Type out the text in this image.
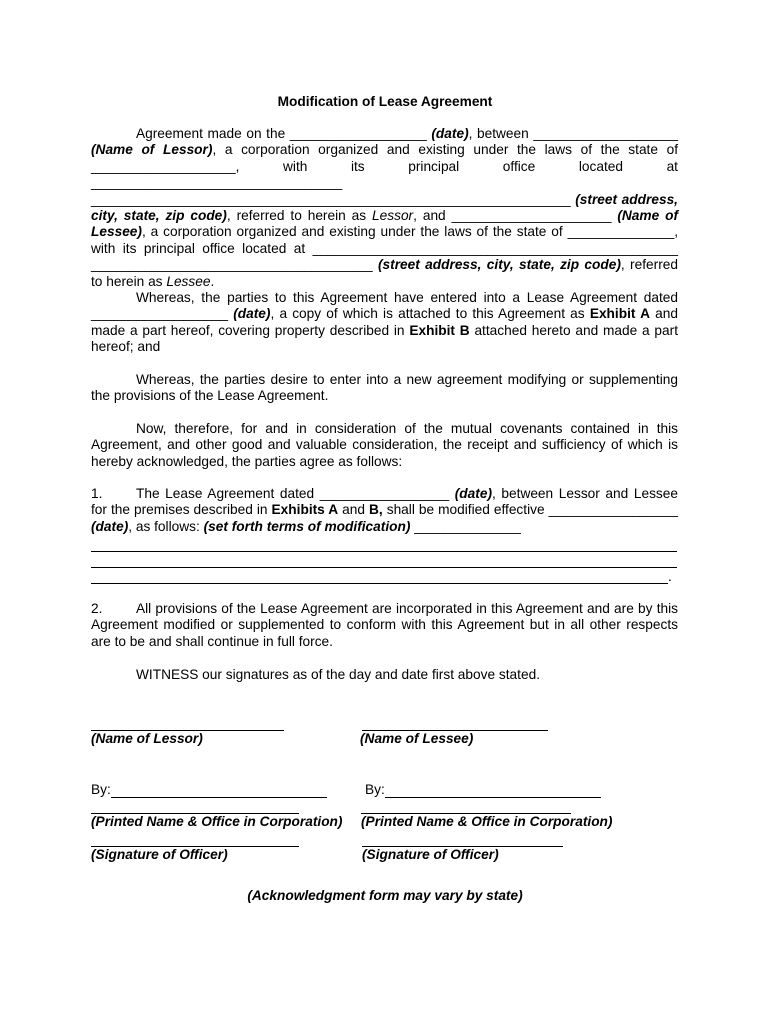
Modification of Lease Agreement
Agreement made on the __________________ (date), between ___________________ (Name of Lessor), a corporation organized and existing under the laws of the state of ___________________, with its principal office located at _________________________________ _______________________________________________________________ (street address, city, state, zip code), referred to herein as Lessor, and _____________________ (Name of Lessee), a corporation organized and existing under the laws of the state of ______________, with its principal office located at ________________________________________________ _____________________________________ (street address, city, state, zip code), referred to herein as Lessee.
Whereas, the parties to this Agreement have entered into a Lease Agreement dated __________________ (date), a copy of which is attached to this Agreement as Exhibit A and made a part hereof, covering property described in Exhibit B attached hereto and made a part hereof; and
Whereas, the parties desire to enter into a new agreement modifying or supplementing the provisions of the Lease Agreement.
Now, therefore, for and in consideration of the mutual covenants contained in this Agreement, and other good and valuable consideration, the receipt and sufficiency of which is hereby acknowledged, the parties agree as follows:
1. The Lease Agreement dated _________________ (date), between Lessor and Lessee for the premises described in Exhibits A and B, shall be modified effective _________________ (date), as follows: (set forth terms of modification) ______________
.
2. All provisions of the Lease Agreement are incorporated in this Agreement and are by this Agreement modified or supplemented to conform with this Agreement but in all other respects are to be and shall continue in full force.
WITNESS our signatures as of the day and date first above stated.
(Name of Lessor)	(Name of Lessee)
By:	By:
(Printed Name & Office in Corporation) (Printed Name & Office in Corporation)
(Signature of Officer)	(Signature of Officer)
(Acknowledgment form may vary by state)
